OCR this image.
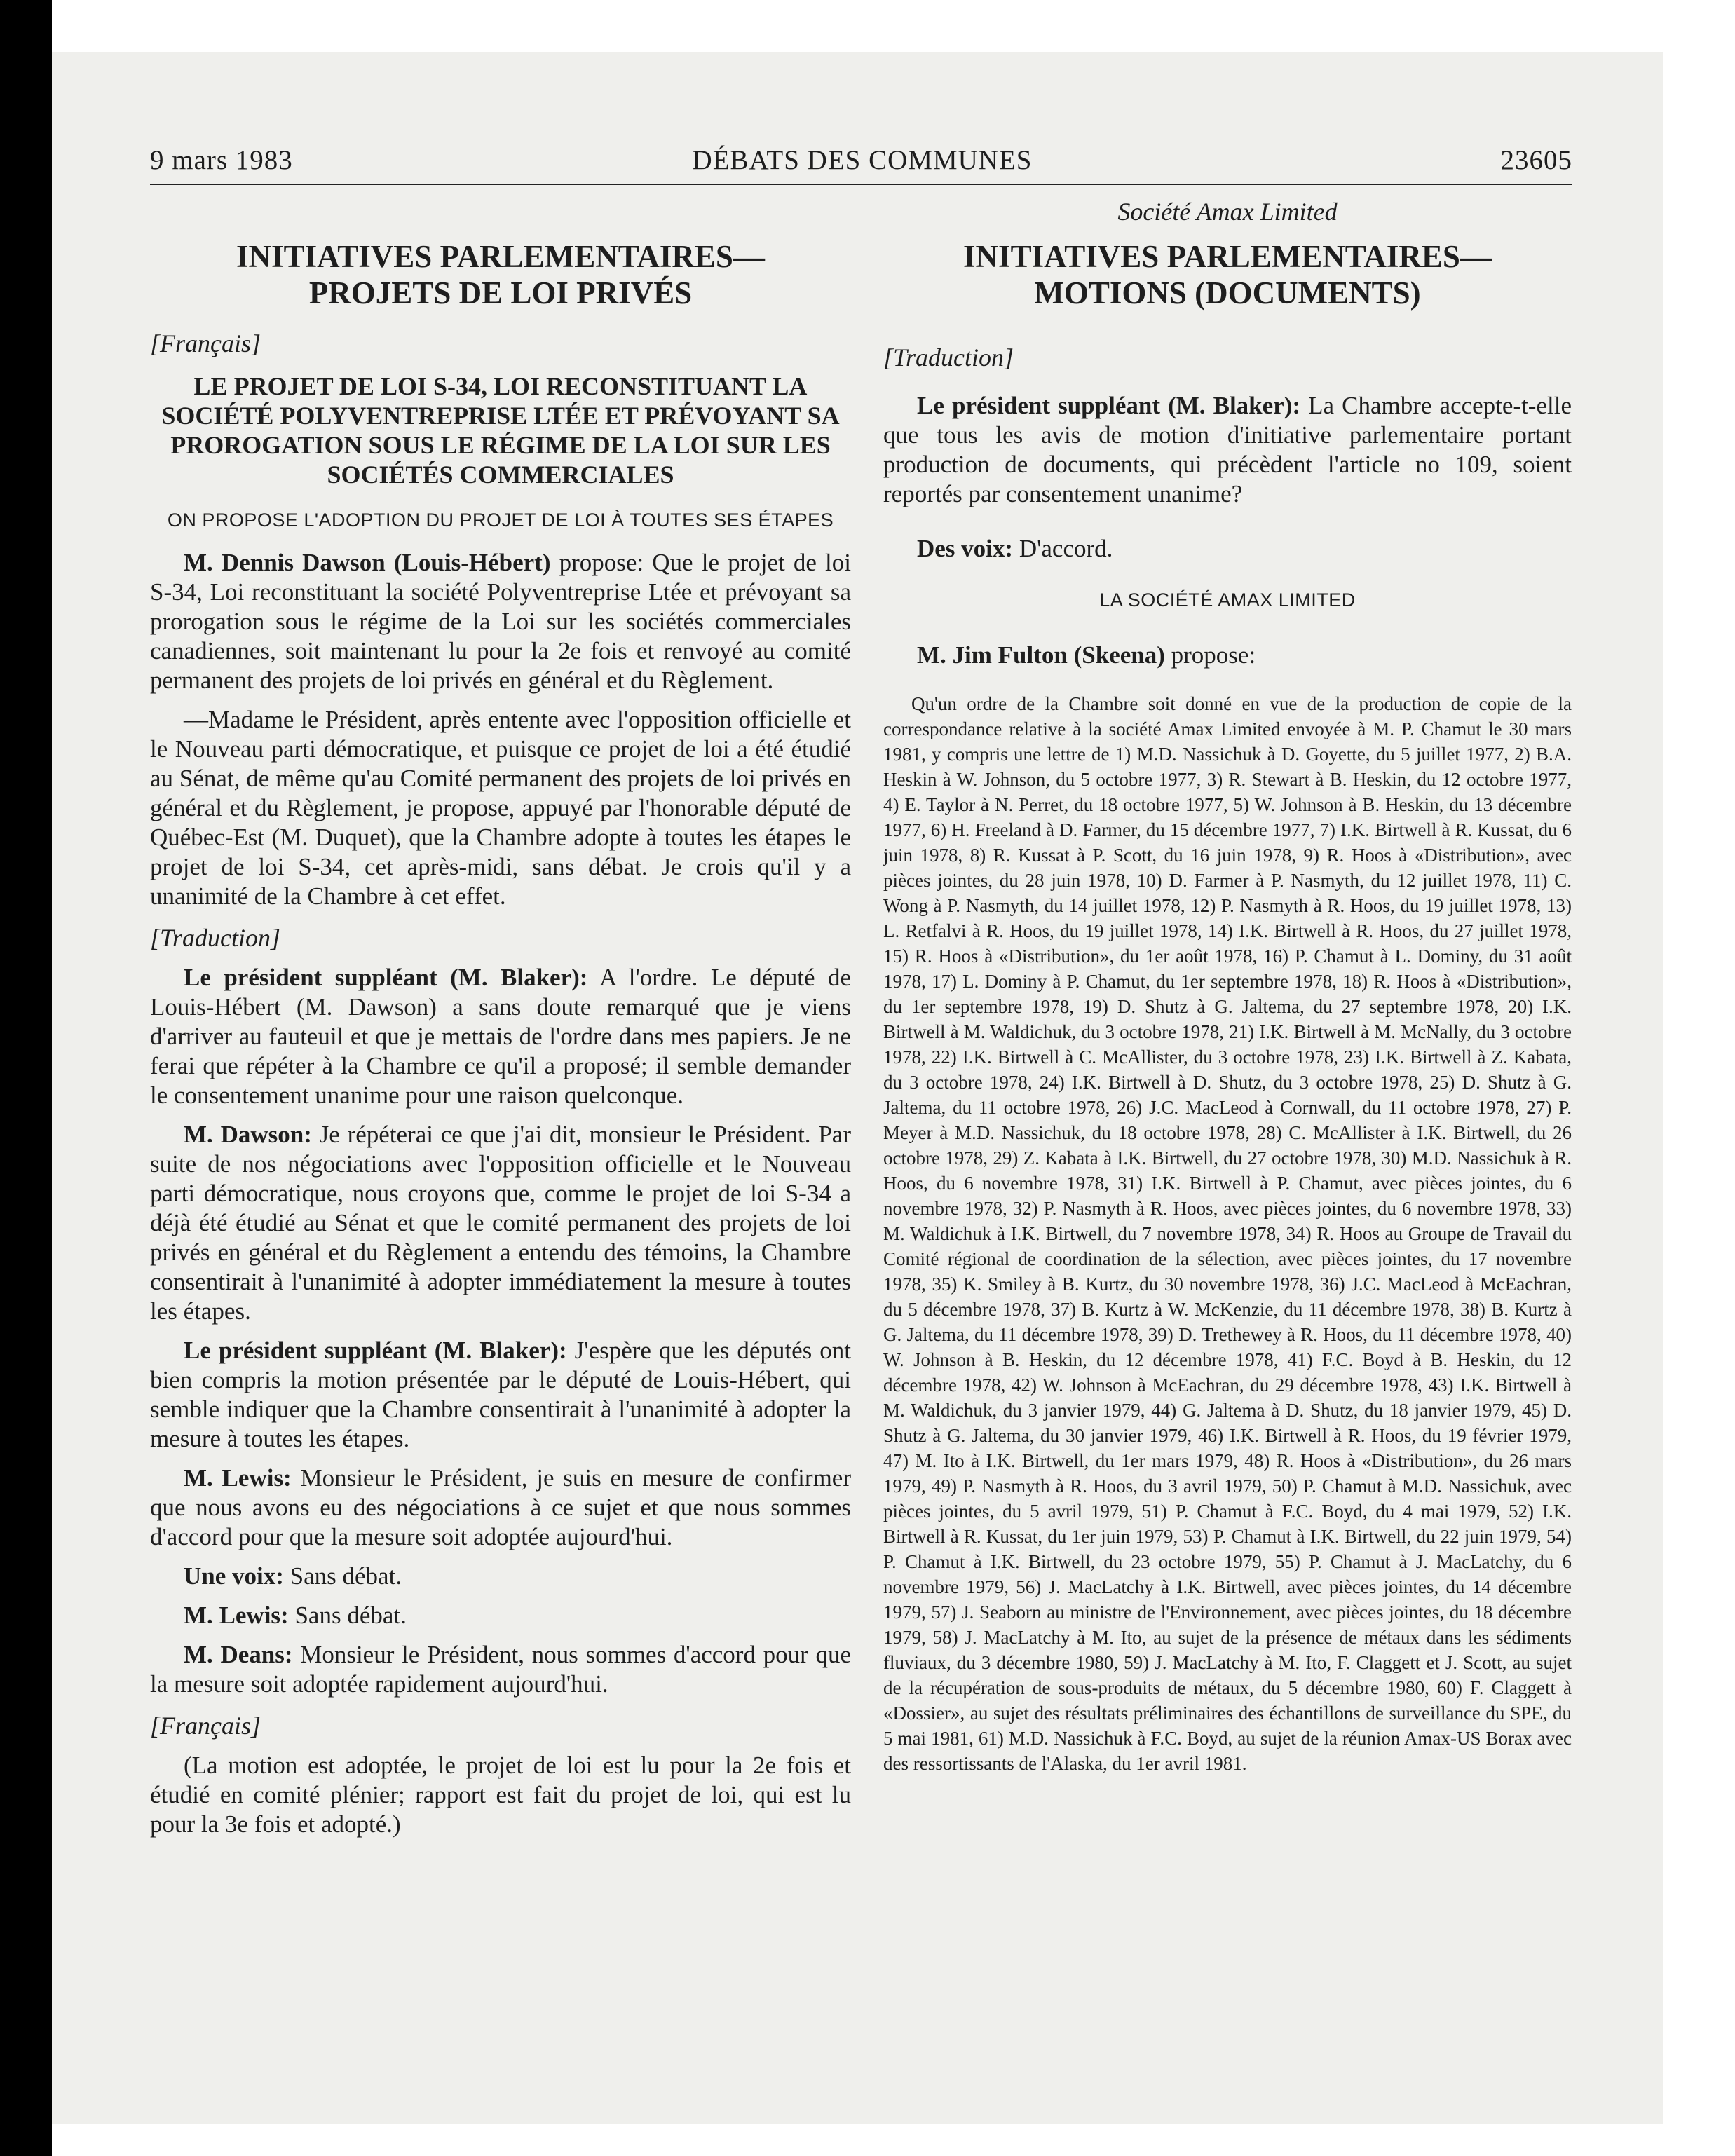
9 mars 1983	DÉBATS DES COMMUNES	23605

INITIATIVES PARLEMENTAIRES—

PROJETS DE LOI PRIVÉS

[Français]

LE PROJET DE LOI S-34, LOI RECONSTITUANT LA SOCIÉTÉ POLYVENTREPRISE LTÉE ET PRÉVOYANT SA PROROGATION SOUS LE RÉGIME DE LA LOI SUR LES SOCIÉTÉS COMMERCIALES

ON PROPOSE L'ADOPTION DU PROJET DE LOI À TOUTES SES ÉTAPES

M. Dennis Dawson (Louis-Hébert) propose: Que le projet de loi S-34, Loi reconstituant la société Polyventreprise Ltée et prévoyant sa prorogation sous le régime de la Loi sur les sociétés commerciales canadiennes, soit maintenant lu pour la 2e fois et renvoyé au comité permanent des projets de loi privés en général et du Règlement.

—Madame le Président, après entente avec l'opposition officielle et le Nouveau parti démocratique, et puisque ce projet de loi a été étudié au Sénat, de même qu'au Comité permanent des projets de loi privés en général et du Règlement, je propose, appuyé par l'honorable député de Québec-Est (M. Duquet), que la Chambre adopte à toutes les étapes le projet de loi S-34, cet après-midi, sans débat. Je crois qu'il y a unanimité de la Chambre à cet effet.

[Traduction]

Le président suppléant (M. Blaker): A l'ordre. Le député de Louis-Hébert (M. Dawson) a sans doute remarqué que je viens d'arriver au fauteuil et que je mettais de l'ordre dans mes papiers. Je ne ferai que répéter à la Chambre ce qu'il a proposé; il semble demander le consentement unanime pour une raison quelconque.

M. Dawson: Je répéterai ce que j'ai dit, monsieur le Président. Par suite de nos négociations avec l'opposition officielle et le Nouveau parti démocratique, nous croyons que, comme le projet de loi S-34 a déjà été étudié au Sénat et que le comité permanent des projets de loi privés en général et du Règlement a entendu des témoins, la Chambre consentirait à l'unanimité à adopter immédiatement la mesure à toutes les étapes.

Le président suppléant (M. Blaker): J'espère que les députés ont bien compris la motion présentée par le député de Louis-Hébert, qui semble indiquer que la Chambre consentirait à l'unanimité à adopter la mesure à toutes les étapes.

M. Lewis: Monsieur le Président, je suis en mesure de confirmer que nous avons eu des négociations à ce sujet et que nous sommes d'accord pour que la mesure soit adoptée aujourd'hui.

Une voix: Sans débat.

M. Lewis: Sans débat.

M. Deans: Monsieur le Président, nous sommes d'accord pour que la mesure soit adoptée rapidement aujourd'hui.

[Français]

(La motion est adoptée, le projet de loi est lu pour la 2e fois et étudié en comité plénier; rapport est fait du projet de loi, qui est lu pour la 3e fois et adopté.)

Société Amax Limited

INITIATIVES PARLEMENTAIRES—

MOTIONS (DOCUMENTS)

[Traduction]

Le président suppléant (M. Blaker): La Chambre accepte-t-elle que tous les avis de motion d'initiative parlementaire portant production de documents, qui précèdent l'article no 109, soient reportés par consentement unanime?

Des voix: D'accord.

LA SOCIÉTÉ AMAX LIMITED

M. Jim Fulton (Skeena) propose:

Qu'un ordre de la Chambre soit donné en vue de la production de copie de la correspondance relative à la société Amax Limited envoyée à M. P. Chamut le 30 mars 1981, y compris une lettre de 1) M.D. Nassichuk à D. Goyette, du 5 juillet 1977, 2) B.A. Heskin à W. Johnson, du 5 octobre 1977, 3) R. Stewart à B. Heskin, du 12 octobre 1977, 4) E. Taylor à N. Perret, du 18 octobre 1977, 5) W. Johnson à B. Heskin, du 13 décembre 1977, 6) H. Freeland à D. Farmer, du 15 décembre 1977, 7) I.K. Birtwell à R. Kussat, du 6 juin 1978, 8) R. Kussat à P. Scott, du 16 juin 1978, 9) R. Hoos à «Distribution», avec pièces jointes, du 28 juin 1978, 10) D. Farmer à P. Nasmyth, du 12 juillet 1978, 11) C. Wong à P. Nasmyth, du 14 juillet 1978, 12) P. Nasmyth à R. Hoos, du 19 juillet 1978, 13) L. Retfalvi à R. Hoos, du 19 juillet 1978, 14) I.K. Birtwell à R. Hoos, du 27 juillet 1978, 15) R. Hoos à «Distribution», du 1er août 1978, 16) P. Chamut à L. Dominy, du 31 août 1978, 17) L. Dominy à P. Chamut, du 1er septembre 1978, 18) R. Hoos à «Distribution», du 1er septembre 1978, 19) D. Shutz à G. Jaltema, du 27 septembre 1978, 20) I.K. Birtwell à M. Waldichuk, du 3 octobre 1978, 21) I.K. Birtwell à M. McNally, du 3 octobre 1978, 22) I.K. Birtwell à C. McAllister, du 3 octobre 1978, 23) I.K. Birtwell à Z. Kabata, du 3 octobre 1978, 24) I.K. Birtwell à D. Shutz, du 3 octobre 1978, 25) D. Shutz à G. Jaltema, du 11 octobre 1978, 26) J.C. MacLeod à Cornwall, du 11 octobre 1978, 27) P. Meyer à M.D. Nassichuk, du 18 octobre 1978, 28) C. McAllister à I.K. Birtwell, du 26 octobre 1978, 29) Z. Kabata à I.K. Birtwell, du 27 octobre 1978, 30) M.D. Nassichuk à R. Hoos, du 6 novembre 1978, 31) I.K. Birtwell à P. Chamut, avec pièces jointes, du 6 novembre 1978, 32) P. Nasmyth à R. Hoos, avec pièces jointes, du 6 novembre 1978, 33) M. Waldichuk à I.K. Birtwell, du 7 novembre 1978, 34) R. Hoos au Groupe de Travail du Comité régional de coordination de la sélection, avec pièces jointes, du 17 novembre 1978, 35) K. Smiley à B. Kurtz, du 30 novembre 1978, 36) J.C. MacLeod à McEachran, du 5 décembre 1978, 37) B. Kurtz à W. McKenzie, du 11 décembre 1978, 38) B. Kurtz à G. Jaltema, du 11 décembre 1978, 39) D. Trethewey à R. Hoos, du 11 décembre 1978, 40) W. Johnson à B. Heskin, du 12 décembre 1978, 41) F.C. Boyd à B. Heskin, du 12 décembre 1978, 42) W. Johnson à McEachran, du 29 décembre 1978, 43) I.K. Birtwell à M. Waldichuk, du 3 janvier 1979, 44) G. Jaltema à D. Shutz, du 18 janvier 1979, 45) D. Shutz à G. Jaltema, du 30 janvier 1979, 46) I.K. Birtwell à R. Hoos, du 19 février 1979, 47) M. Ito à I.K. Birtwell, du 1er mars 1979, 48) R. Hoos à «Distribution», du 26 mars 1979, 49) P. Nasmyth à R. Hoos, du 3 avril 1979, 50) P. Chamut à M.D. Nassichuk, avec pièces jointes, du 5 avril 1979, 51) P. Chamut à F.C. Boyd, du 4 mai 1979, 52) I.K. Birtwell à R. Kussat, du 1er juin 1979, 53) P. Chamut à I.K. Birtwell, du 22 juin 1979, 54) P. Chamut à I.K. Birtwell, du 23 octobre 1979, 55) P. Chamut à J. MacLatchy, du 6 novembre 1979, 56) J. MacLatchy à I.K. Birtwell, avec pièces jointes, du 14 décembre 1979, 57) J. Seaborn au ministre de l'Environnement, avec pièces jointes, du 18 décembre 1979, 58) J. MacLatchy à M. Ito, au sujet de la présence de métaux dans les sédiments fluviaux, du 3 décembre 1980, 59) J. MacLatchy à M. Ito, F. Claggett et J. Scott, au sujet de la récupération de sous-produits de métaux, du 5 décembre 1980, 60) F. Claggett à «Dossier», au sujet des résultats préliminaires des échantillons de surveillance du SPE, du 5 mai 1981, 61) M.D. Nassichuk à F.C. Boyd, au sujet de la réunion Amax-US Borax avec des ressortissants de l'Alaska, du 1er avril 1981.
